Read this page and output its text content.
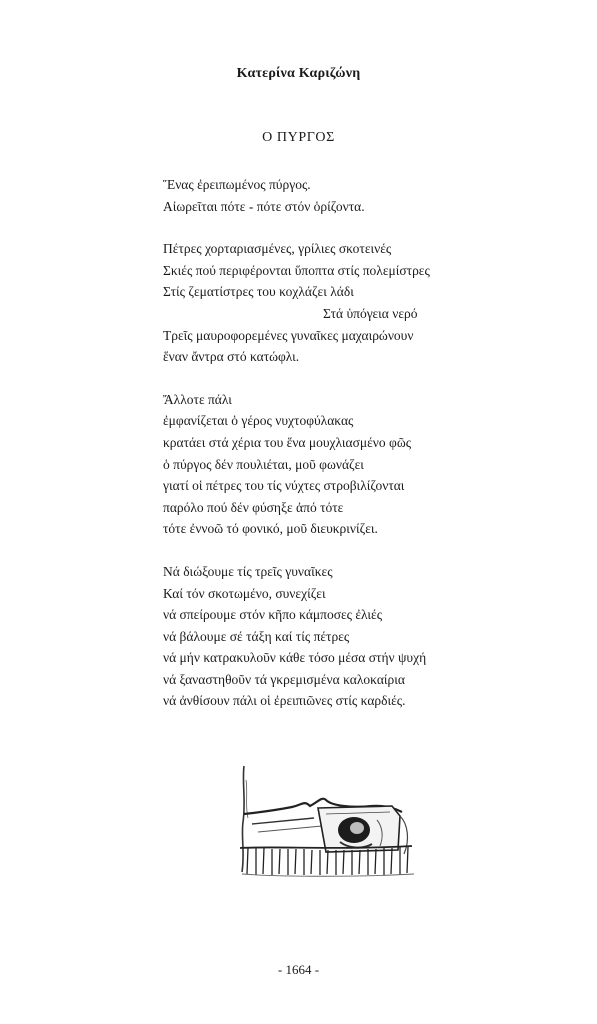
Κατερίνα Καριζώνη
Ο ΠΥΡΓΟΣ
Ἕνας ἐρειπωμένος πύργος.
Αἰωρεῖται πότε - πότε στόν ὁρίζοντα.
Πέτρες χορταριασμένες, γρίλιες σκοτεινές
Σκιές πού περιφέρονται ὕποπτα στίς πολεμίστρες
Στίς ζεματίστρες του κοχλάζει λάδι
Στά ὑπόγεια νερό
Τρεῖς μαυροφορεμένες γυναῖκες μαχαιρώνουν
ἕναν ἄντρα στό κατώφλι.
Ἄλλοτε πάλι
ἐμφανίζεται ὁ γέρος νυχτοφύλακας
κρατάει στά χέρια του ἕνα μουχλιασμένο φῶς
ὁ πύργος δέν πουλιέται, μοῦ φωνάζει
γιατί οἱ πέτρες του τίς νύχτες στροβιλίζονται
παρόλο πού δέν φύσηξε ἀπό τότε
τότε ἐννοῶ τό φονικό, μοῦ διευκρινίζει.
Νά διώξουμε τίς τρεῖς γυναῖκες
Καί τόν σκοτωμένο, συνεχίζει
νά σπείρουμε στόν κῆπο κάμποσες ἐλιές
νά βάλουμε σέ τάξη καί τίς πέτρες
νά μήν κατρακυλοῦν κάθε τόσο μέσα στήν ψυχή
νά ξαναστηθοῦν τά γκρεμισμένα καλοκαίρια
νά ἀνθίσουν πάλι οἱ ἐρειπιῶνες στίς καρδιές.
- 1664 -
